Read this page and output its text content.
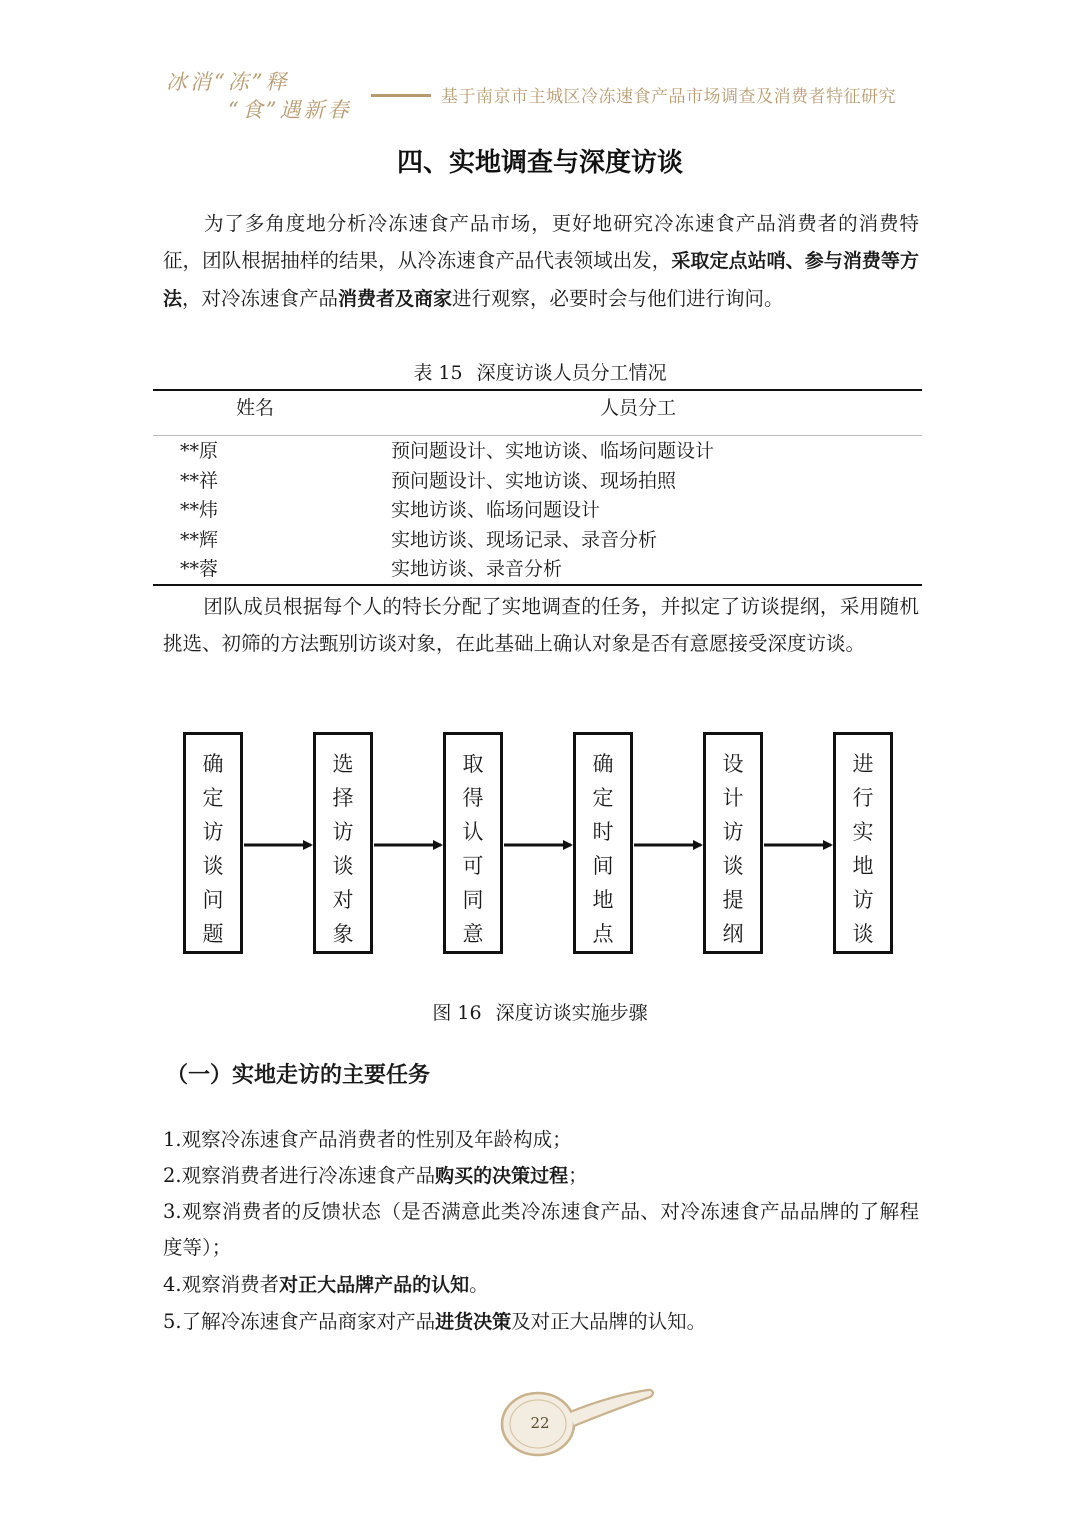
冰消“冻”释
“食”遇新春
基于南京市主城区冷冻速食产品市场调查及消费者特征研究
四、实地调查与深度访谈
为了多角度地分析冷冻速食产品市场，更好地研究冷冻速食产品消费者的消费特征，团队根据抽样的结果，从冷冻速食产品代表领域出发，采取定点站哨、参与消费等方法，对冷冻速食产品消费者及商家进行观察，必要时会与他们进行询问。
表 15 深度访谈人员分工情况
姓名	人员分工
**原	预问题设计、实地访谈、临场问题设计
**祥	预问题设计、实地访谈、现场拍照
**炜	实地访谈、临场问题设计
**辉	实地访谈、现场记录、录音分析
**蓉	实地访谈、录音分析
团队成员根据每个人的特长分配了实地调查的任务，并拟定了访谈提纲，采用随机挑选、初筛的方法甄别访谈对象，在此基础上确认对象是否有意愿接受深度访谈。
确
定
访
谈
问
题
选
择
访
谈
对
象
取
得
认
可
同
意
确
定
时
间
地
点
设
计
访
谈
提
纲
进
行
实
地
访
谈
图 16 深度访谈实施步骤
（一）实地走访的主要任务
1.观察冷冻速食产品消费者的性别及年龄构成；
2.观察消费者进行冷冻速食产品购买的决策过程；
3.观察消费者的反馈状态（是否满意此类冷冻速食产品、对冷冻速食产品品牌的了解程度等）；
4.观察消费者对正大品牌产品的认知。
5.了解冷冻速食产品商家对产品进货决策及对正大品牌的认知。
22
